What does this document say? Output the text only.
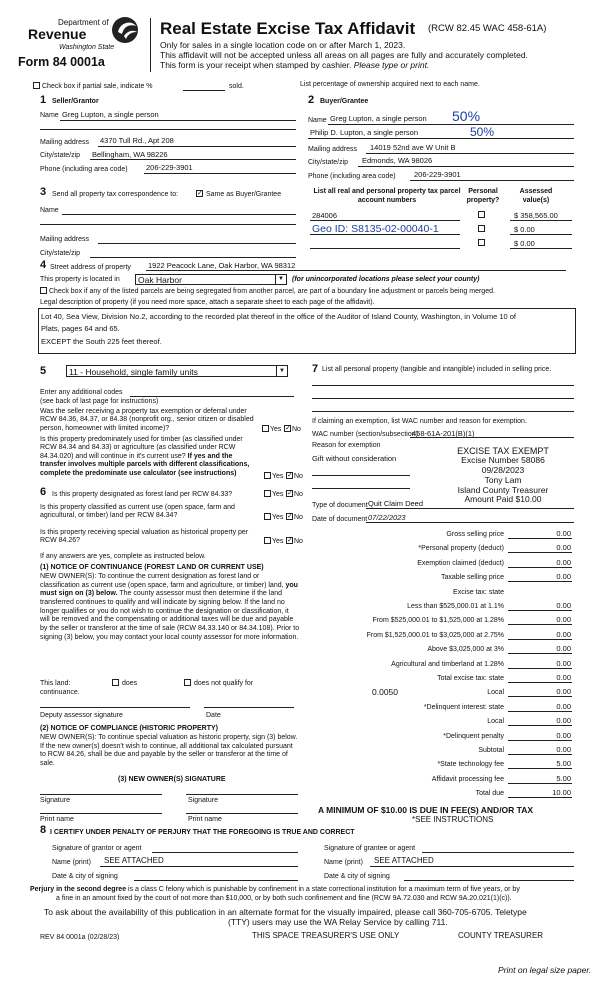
Department of
Revenue
Washington State
Form 84 0001a
Real Estate Excise Tax Affidavit (RCW 82.45 WAC 458-61A)
Only for sales in a single location code on or after March 1, 2023.
This affidavit will not be accepted unless all areas on all pages are fully and accurately completed.
This form is your receipt when stamped by cashier. Please type or print.
Check box if partial sale, indicate %	sold.	List percentage of ownership acquired next to each name.
1 Seller/Grantor
Name Greg Lupton, a single person
Mailing address 4370 Tull Rd., Apt 208
City/state/zip Bellingham, WA 98226
Phone (including area code) 206-229-3901
2 Buyer/Grantee
Name Greg Lupton, a single person 50%
Philip D. Lupton, a single person	50%
Mailing address 14019 52nd ave W Unit B
City/state/zip Edmonds, WA 98026
Phone (including area code) 206-229-3901
3 Send all property tax correspondence to:	✓ Same as Buyer/Grantee
Name
Mailing address
City/state/zip
List all real and personal property tax parcel account numbers
Personal property?
Assessed value(s)
284006	$ 358,565.00
Geo ID: S8135-02-00040-1	$ 0.00
$ 0.00
4 Street address of property 1922 Peacock Lane, Oak Harbor, WA 98312
This property is located in Oak Harbor	▼ (for unincorporated locations please select your county)
Check box if any of the listed parcels are being segregated from another parcel, are part of a boundary line adjustment or parcels being merged.
Legal description of property (if you need more space, attach a separate sheet to each page of the affidavit).
Lot 40, Sea View, Division No.2, according to the recorded plat thereof in the office of the Auditor of Island County, Washington, in Volume 10 of
Plats, pages 64 and 65.
EXCEPT the South 225 feet thereof.
5	11 - Household, single family units	▼
Enter any additional codes
(see back of last page for instructions)
Was the seller receiving a property tax exemption or deferral under RCW 84.36, 84.37, or 84.38 (nonprofit org., senior citizen or disabled person, homeowner with limited income)?	Yes ✓ No
Is this property predominately used for timber (as classified under RCW 84.34 and 84.33) or agriculture (as classified under RCW 84.34.020) and will continue in it's current use? If yes and the transfer involves multiple parcels with different classifications, complete the predominate use calculator (see instructions)	Yes ✓ No
6 Is this property designated as forest land per RCW 84.33?	Yes ✓ No
Is this property classified as current use (open space, farm and agricultural, or timber) land per RCW 84.34?	Yes ✓ No
Is this property receiving special valuation as historical property per RCW 84.26?	Yes ✓ No
If any answers are yes, complete as instructed below.
(1) NOTICE OF CONTINUANCE (FOREST LAND OR CURRENT USE)
NEW OWNER(S): To continue the current designation as forest land or classification as current use (open space, farm and agriculture, or timber) land, you must sign on (3) below. The county assessor must then determine if the land transferred continues to qualify and will indicate by signing below. If the land no longer qualifies or you do not wish to continue the designation or classification, it will be removed and the compensating or additional taxes will be due and payable by the seller or transferor at the time of sale (RCW 84.33.140 or 84.34.108). Prior to signing (3) below, you may contact your local county assessor for more information.
This land:	does	does not qualify for
continuance.
Deputy assessor signature	Date
(2) NOTICE OF COMPLIANCE (HISTORIC PROPERTY)
NEW OWNER(S): To continue special valuation as historic property, sign (3) below. If the new owner(s) doesn't wish to continue, all additional tax calculated pursuant to RCW 84.26, shall be due and payable by the seller or transferor at the time of sale.
(3) NEW OWNER(S) SIGNATURE
Signature	Signature
Print name	Print name
7 List all personal property (tangible and intangible) included in selling price.
If claiming an exemption, list WAC number and reason for exemption.
WAC number (section/subsection)
458-61A-201(B)(1)
Reason for exemption
Gift without consideration
EXCISE TAX EXEMPT
Excise Number 58086
09/28/2023
Tony Lam
Island County Treasurer
Amount Paid $10.00
Type of document Quit Claim Deed
Date of document 07/22/2023
Gross selling price	0.00
*Personal property (deduct)	0.00
Exemption claimed (deduct)	0.00
Taxable selling price	0.00
Excise tax: state
Less than $525,000.01 at 1.1%	0.00
From $525,000.01 to $1,525,000 at 1.28%	0.00
From $1,525,000.01 to $3,025,000 at 2.75%	0.00
Above $3,025,000 at 3%	0.00
Agricultural and timberland at 1.28%	0.00
Total excise tax: state	0.00
Local
0.0050	0.00
*Delinquent interest: state	0.00
Local	0.00
*Delinquent penalty	0.00
Subtotal	0.00
*State technology fee	5.00
Affidavit processing fee	5.00
Total due	10.00
A MINIMUM OF $10.00 IS DUE IN FEE(S) AND/OR TAX
*SEE INSTRUCTIONS
8 I CERTIFY UNDER PENALTY OF PERJURY THAT THE FOREGOING IS TRUE AND CORRECT
Signature of grantor or agent	Signature of grantee or agent
Name (print) SEE ATTACHED	Name (print) SEE ATTACHED
Date & city of signing	Date & city of signing
Perjury in the second degree is a class C felony which is punishable by confinement in a state correctional institution for a maximum term of five years, or by
a fine in an amount fixed by the court of not more than $10,000, or by both such confinement and fine (RCW 9A.72.030 and RCW 9A.20.021(1)(c)).
To ask about the availability of this publication in an alternate format for the visually impaired, please call 360-705-6705. Teletype
(TTY) users may use the WA Relay Service by calling 711.
REV 84 0001a (02/28/23)	THIS SPACE TREASURER'S USE ONLY	COUNTY TREASURER
Print on legal size paper.
